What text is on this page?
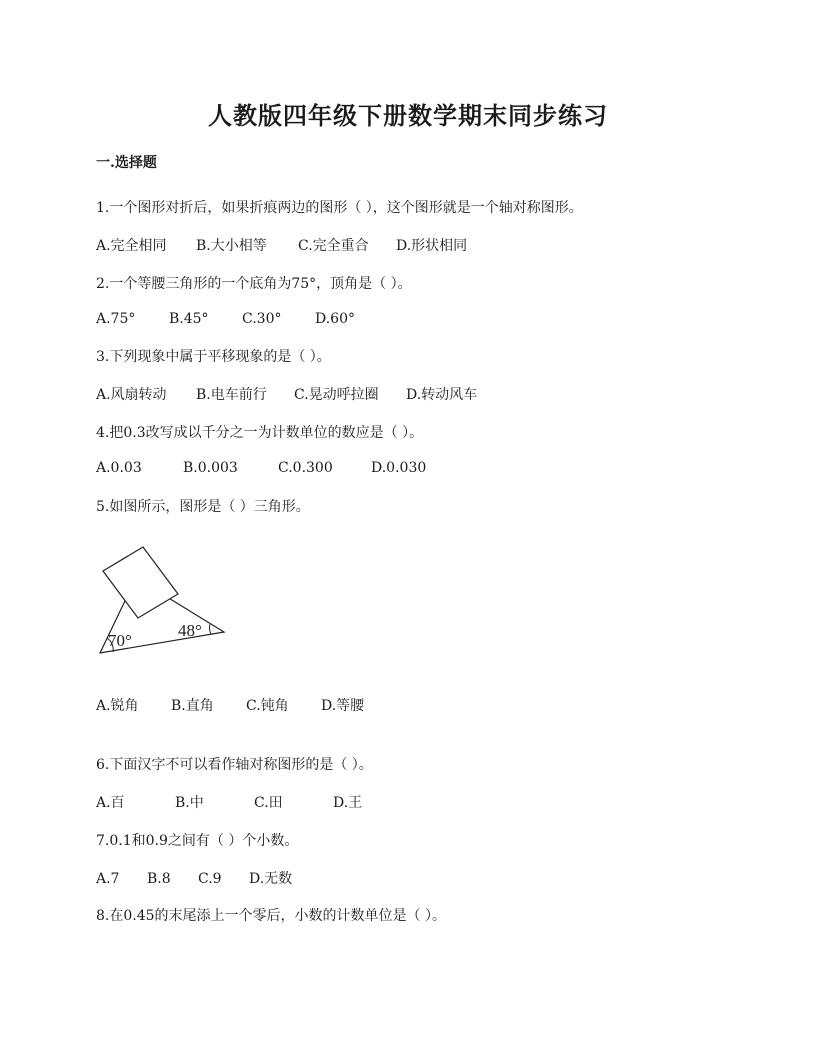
人教版四年级下册数学期末同步练习
一.选择题
1.一个图形对折后，如果折痕两边的图形（ ），这个图形就是一个轴对称图形。
A.完全相同 B.大小相等 C.完全重合 D.形状相同
2.一个等腰三角形的一个底角为75°，顶角是（ ）。
A.75° B.45° C.30° D.60°
3.下列现象中属于平移现象的是（ ）。
A.风扇转动 B.电车前行 C.晃动呼拉圈 D.转动风车
4.把0.3改写成以千分之一为计数单位的数应是（ ）。
A.0.03	B.0.003	C.0.300	D.0.030
5.如图所示，图形是（ ）三角形。
70°
48°
A.锐角 B.直角 C.钝角 D.等腰
6.下面汉字不可以看作轴对称图形的是（ ）。
A.百	B.中	C.田	D.王
7.0.1和0.9之间有（ ）个小数。
A.7 B.8 C.9 D.无数
8.在0.45的末尾添上一个零后，小数的计数单位是（ ）。
